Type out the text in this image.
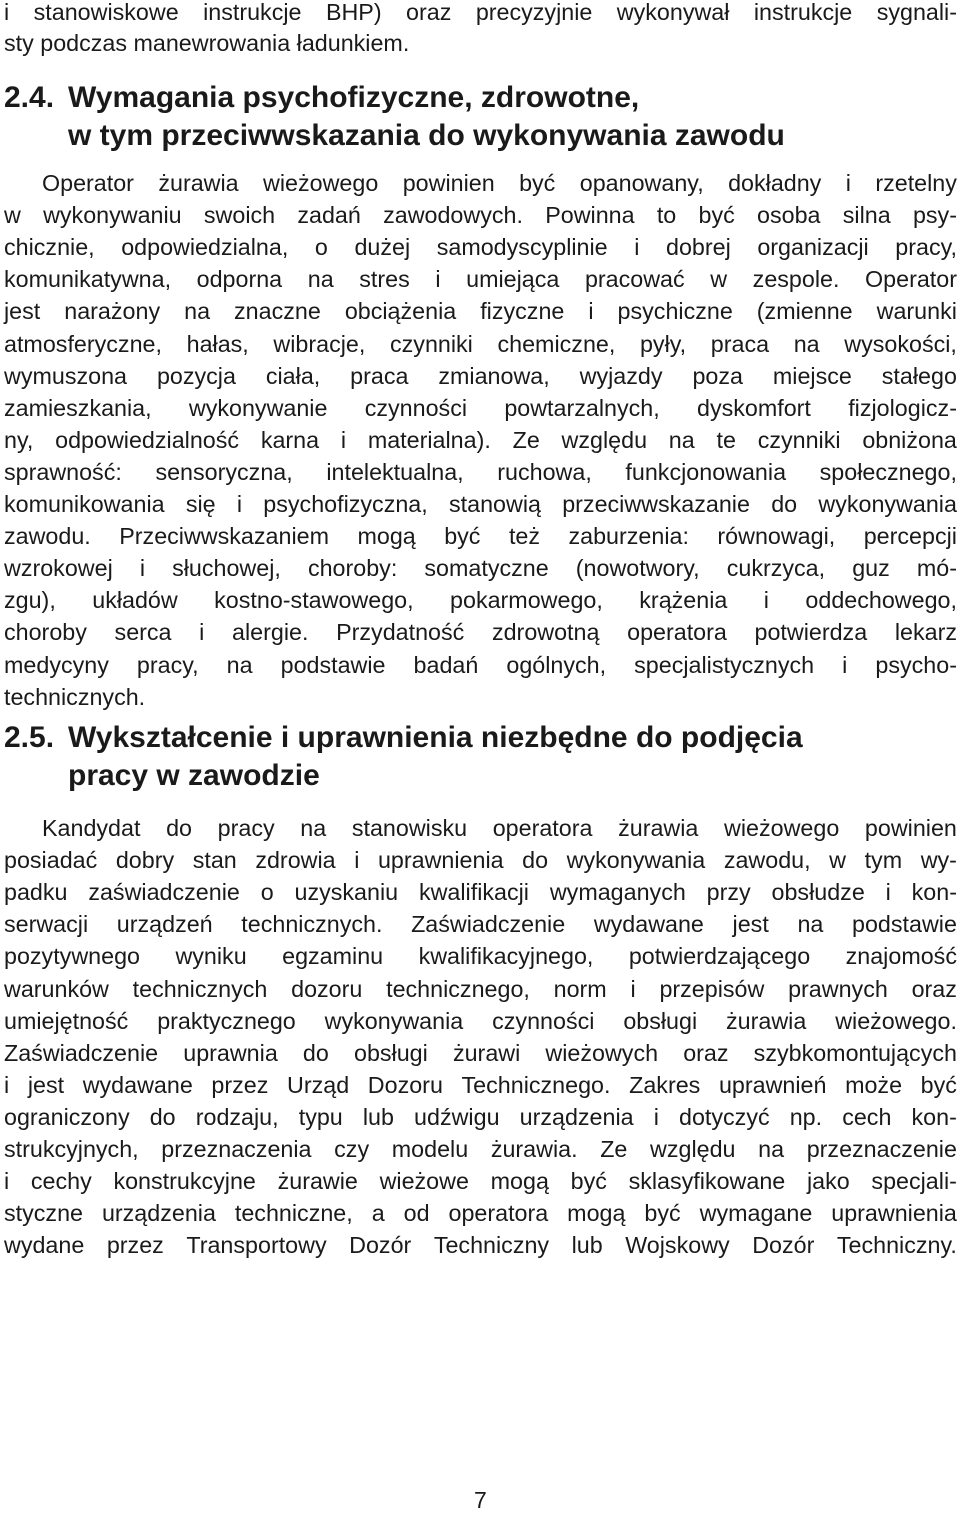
i stanowiskowe instrukcje BHP) oraz precyzyjnie wykonywał instrukcje sygnali-
sty podczas manewrowania ładunkiem.
2.4. Wymagania psychofizyczne, zdrowotne,
w tym przeciwwskazania do wykonywania zawodu
Operator żurawia wieżowego powinien być opanowany, dokładny i rzetelny
w wykonywaniu swoich zadań zawodowych. Powinna to być osoba silna psy-
chicznie, odpowiedzialna, o dużej samodyscyplinie i dobrej organizacji pracy,
komunikatywna, odporna na stres i umiejąca pracować w zespole. Operator
jest narażony na znaczne obciążenia fizyczne i psychiczne (zmienne warunki
atmosferyczne, hałas, wibracje, czynniki chemiczne, pyły, praca na wysokości,
wymuszona pozycja ciała, praca zmianowa, wyjazdy poza miejsce stałego
zamieszkania, wykonywanie czynności powtarzalnych, dyskomfort fizjologicz-
ny, odpowiedzialność karna i materialna). Ze względu na te czynniki obniżona
sprawność: sensoryczna, intelektualna, ruchowa, funkcjonowania społecznego,
komunikowania się i psychofizyczna, stanowią przeciwwskazanie do wykonywania
zawodu. Przeciwwskazaniem mogą być też zaburzenia: równowagi, percepcji
wzrokowej i słuchowej, choroby: somatyczne (nowotwory, cukrzyca, guz mó-
zgu), układów kostno-stawowego, pokarmowego, krążenia i oddechowego,
choroby serca i alergie. Przydatność zdrowotną operatora potwierdza lekarz
medycyny pracy, na podstawie badań ogólnych, specjalistycznych i psycho-
technicznych.
2.5. Wykształcenie i uprawnienia niezbędne do podjęcia
pracy w zawodzie
Kandydat do pracy na stanowisku operatora żurawia wieżowego powinien
posiadać dobry stan zdrowia i uprawnienia do wykonywania zawodu, w tym wy-
padku zaświadczenie o uzyskaniu kwalifikacji wymaganych przy obsłudze i kon-
serwacji urządzeń technicznych. Zaświadczenie wydawane jest na podstawie
pozytywnego wyniku egzaminu kwalifikacyjnego, potwierdzającego znajomość
warunków technicznych dozoru technicznego, norm i przepisów prawnych oraz
umiejętność praktycznego wykonywania czynności obsługi żurawia wieżowego.
Zaświadczenie uprawnia do obsługi żurawi wieżowych oraz szybkomontujących
i jest wydawane przez Urząd Dozoru Technicznego. Zakres uprawnień może być
ograniczony do rodzaju, typu lub udźwigu urządzenia i dotyczyć np. cech kon-
strukcyjnych, przeznaczenia czy modelu żurawia. Ze względu na przeznaczenie
i cechy konstrukcyjne żurawie wieżowe mogą być sklasyfikowane jako specjali-
styczne urządzenia techniczne, a od operatora mogą być wymagane uprawnienia
wydane przez Transportowy Dozór Techniczny lub Wojskowy Dozór Techniczny.
7
